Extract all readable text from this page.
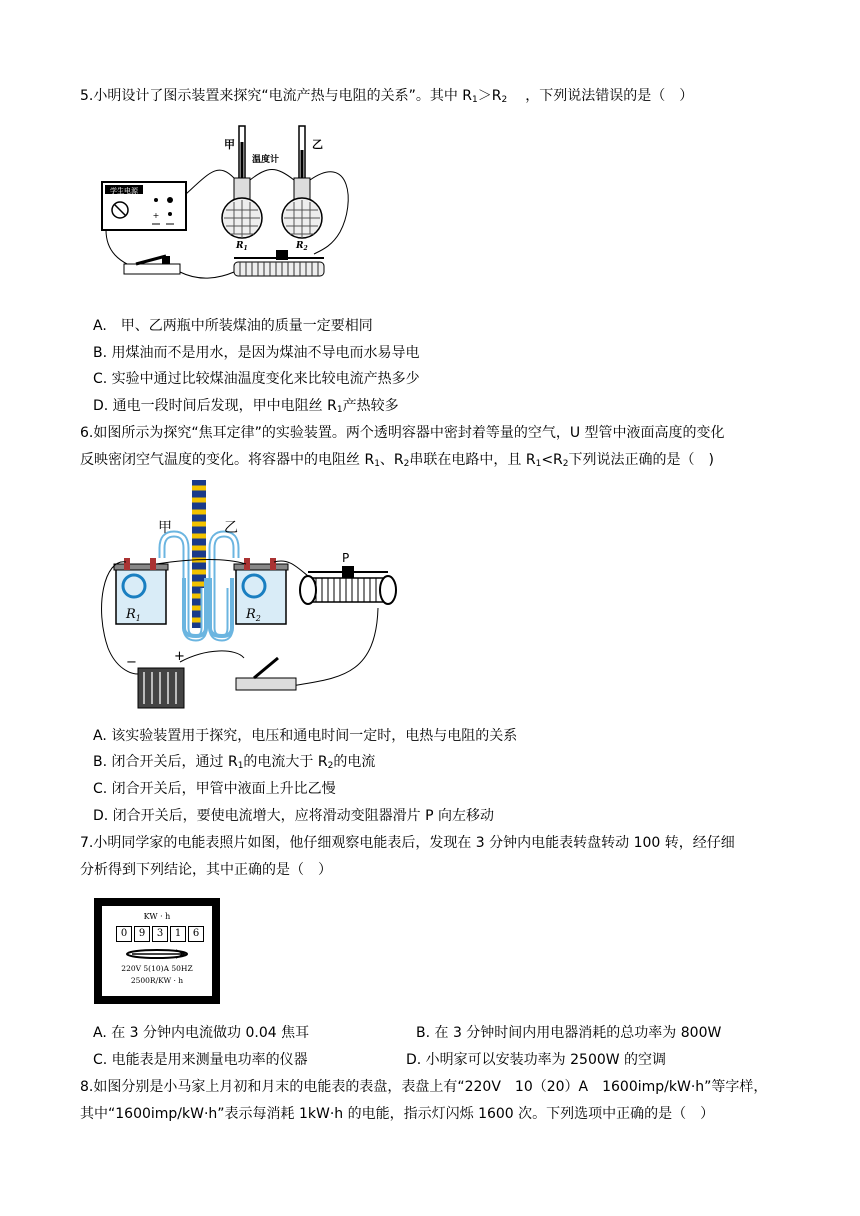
5.小明设计了图示装置来探究“电流产热与电阻的关系”。其中 $R_1>R_2$ ，下列说法错误的是（　）
学生电源
+
甲	乙
温度计
$R_1$	$R_2$
A.　甲、乙两瓶中所装煤油的质量一定要相同
B. 用煤油而不是用水，是因为煤油不导电而水易导电
C. 实验中通过比较煤油温度变化来比较电流产热多少
D. 通电一段时间后发现，甲中电阻丝 $R_1$产热较多
6.如图所示为探究“焦耳定律”的实验装置。两个透明容器中密封着等量的空气，U 型管中液面高度的变化
反映密闭空气温度的变化。将容器中的电阻丝 $R_1$、$R_2$串联在电路中，且 $R_1<R_2$下列说法正确的是（　)
甲	乙
$R_1$	$R_2$
−	+
P
A. 该实验装置用于探究，电压和通电时间一定时，电热与电阻的关系
B. 闭合开关后，通过 $R_1$的电流大于 $R_2$的电流
C. 闭合开关后，甲管中液面上升比乙慢
D. 闭合开关后，要使电流增大，应将滑动变阻器滑片 P 向左移动
7.小明同学家的电能表照片如图，他仔细观察电能表后，发现在 3 分钟内电能表转盘转动 100 转，经仔细
分析得到下列结论，其中正确的是（　）
KW · h
0	9	3	1	6
220V 5(10)A 50HZ
2500R/KW · h
A. 在 3 分钟内电流做功 0.04 焦耳	B. 在 3 分钟时间内用电器消耗的总功率为 800W
C. 电能表是用来测量电功率的仪器	D. 小明家可以安装功率为 2500W 的空调
8.如图分别是小马家上月初和月末的电能表的表盘，表盘上有“220V　10（20）A　1600imp/kW·h”等字样，
其中“1600imp/kW·h”表示每消耗 1kW·h 的电能，指示灯闪烁 1600 次。下列选项中正确的是（　）
